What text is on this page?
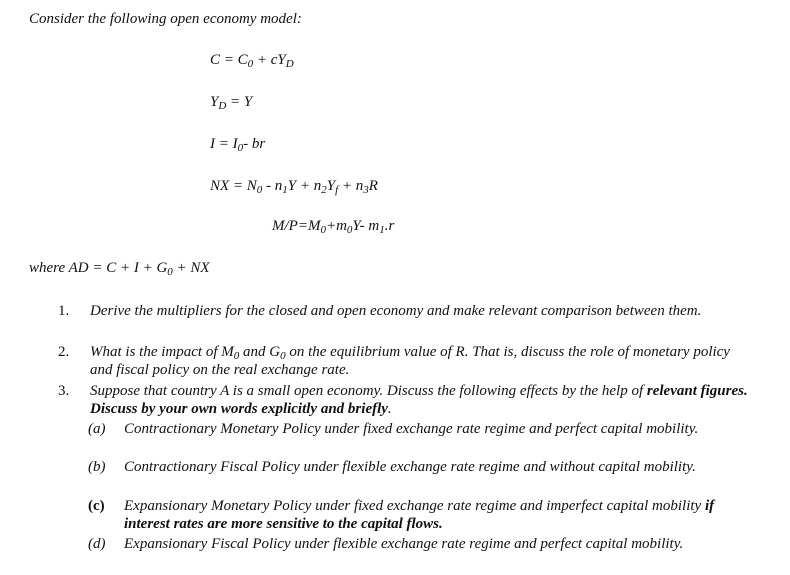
Consider the following open economy model:
$C = C_0 + cY_D$
$Y_D = Y$
$I = I_0-$ br
NX = $N_0 - n_1Y + n_2Y_f + n_3R$
$M/P=M_0+m_0Y-$ $m_1.r$
where AD = $C + I + G_0$ + NX
1. Derive the multipliers for the closed and open economy and make relevant comparison between them.
2. What is the impact of $M_0$ and $G_0$ on the equilibrium value of R. That is, discuss the role of monetary policy and fiscal policy on the real exchange rate.
3. Suppose that country A is a small open economy. Discuss the following effects by the help of relevant figures. Discuss by your own words explicitly and briefly.
(a) Contractionary Monetary Policy under fixed exchange rate regime and perfect capital mobility.
(b) Contractionary Fiscal Policy under flexible exchange rate regime and without capital mobility.
(c) Expansionary Monetary Policy under fixed exchange rate regime and imperfect capital mobility if interest rates are more sensitive to the capital flows.
(d) Expansionary Fiscal Policy under flexible exchange rate regime and perfect capital mobility.
